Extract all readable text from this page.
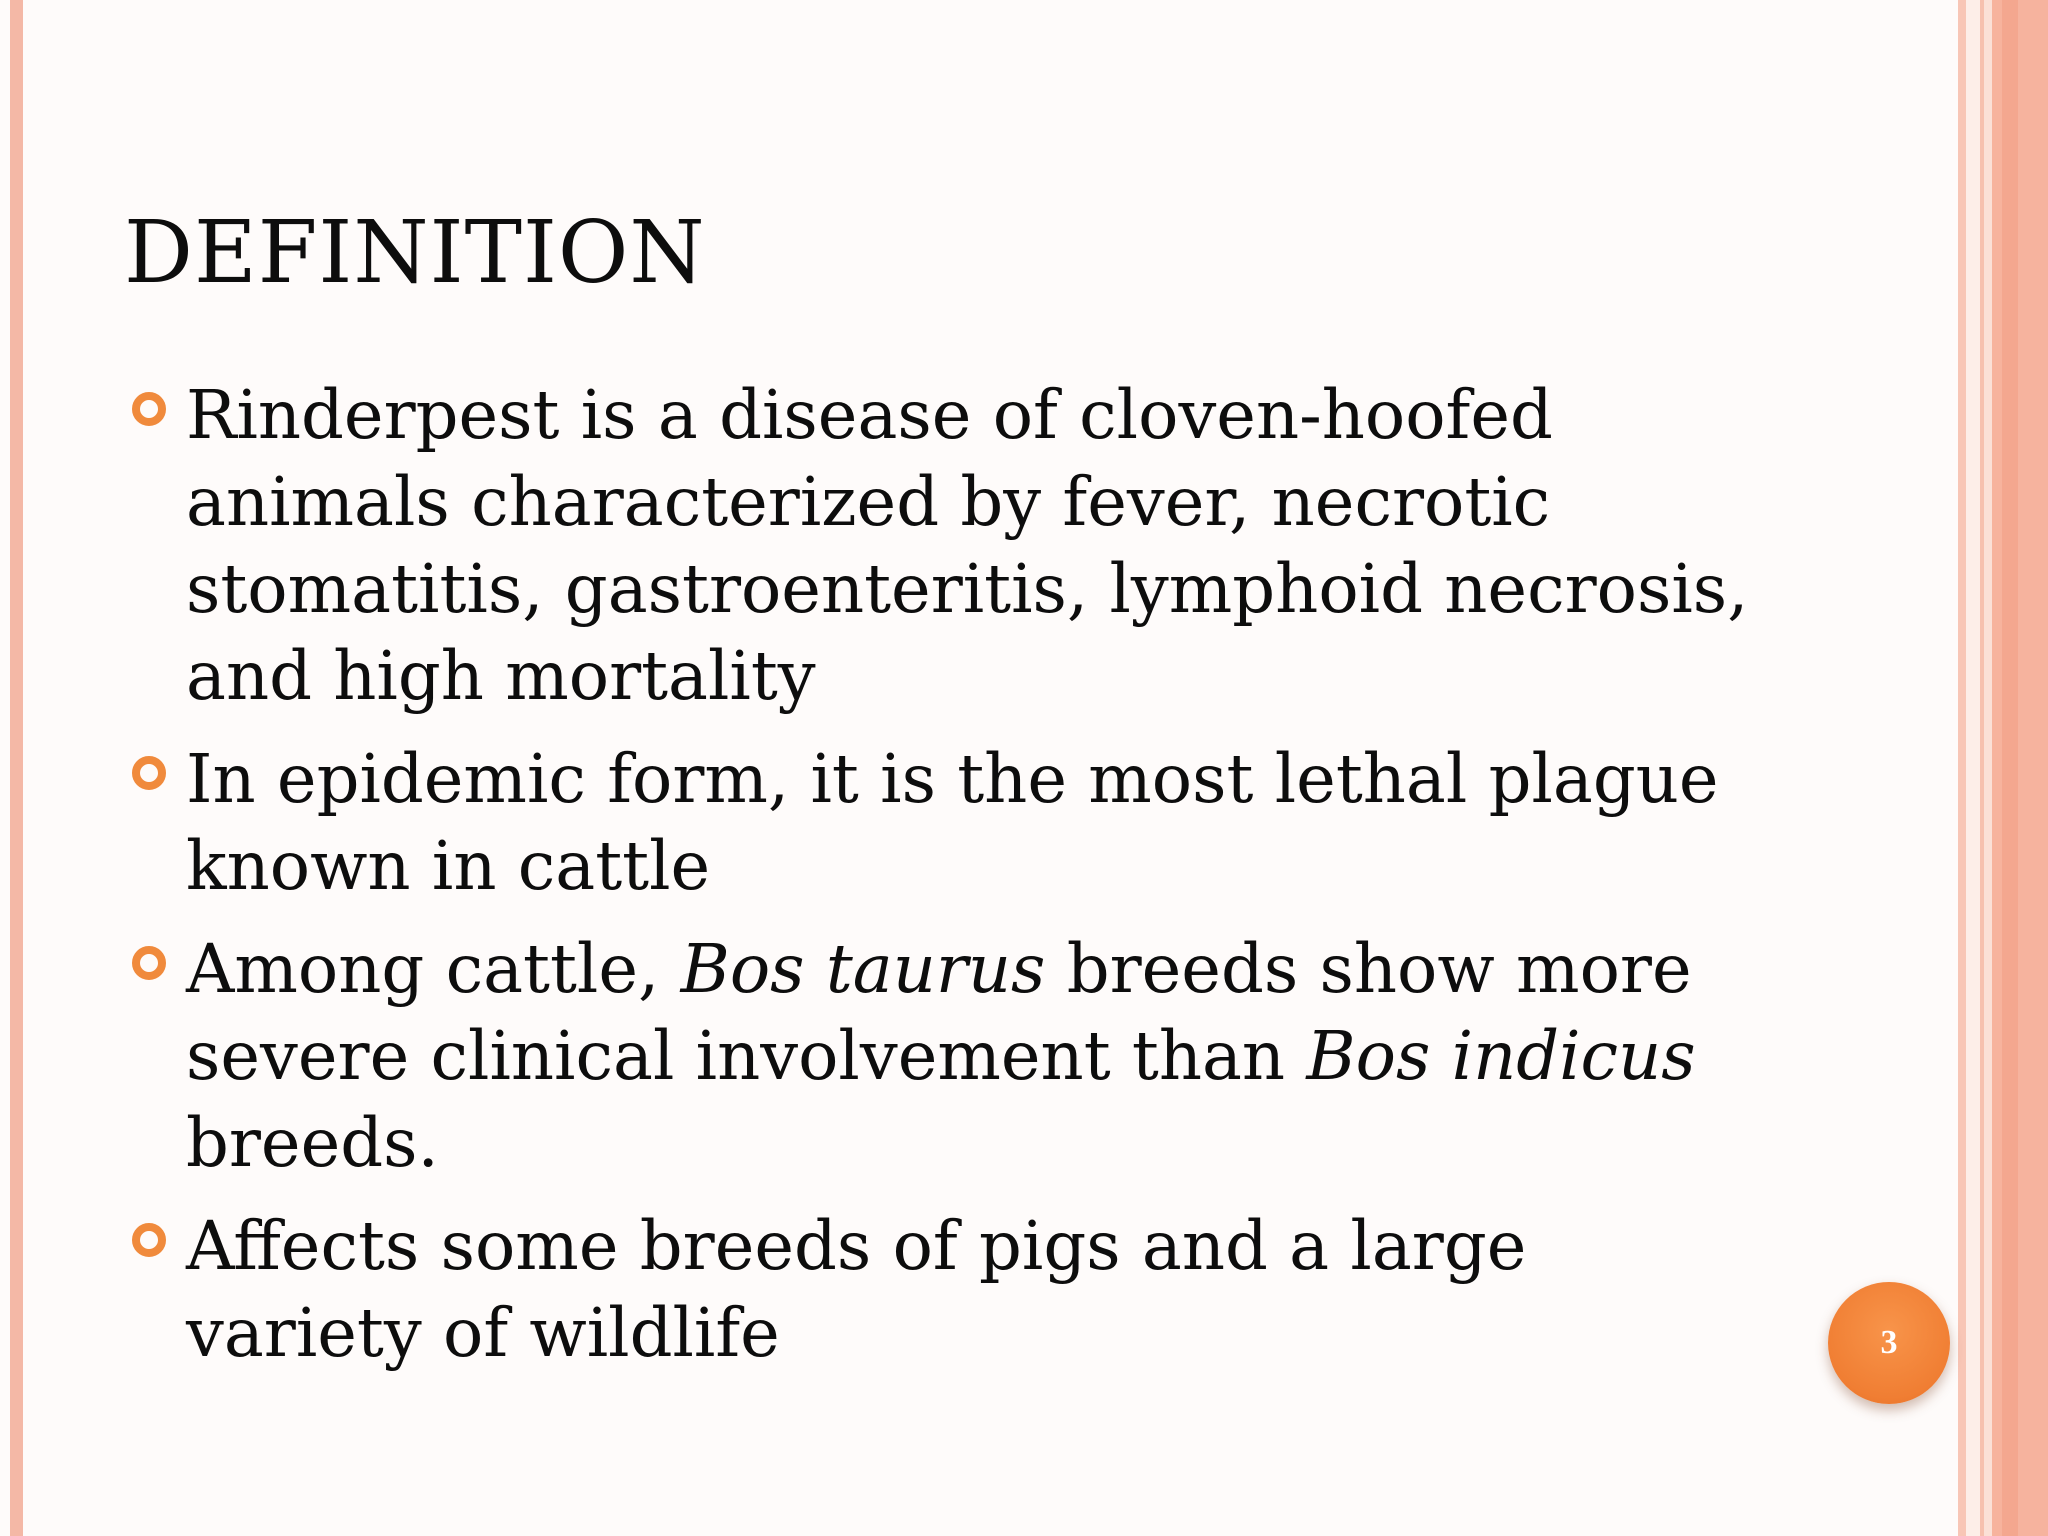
DEFINITION
Rinderpest is a disease of cloven-hoofed animals characterized by fever, necrotic stomatitis, gastroenteritis, lymphoid necrosis, and high mortality
In epidemic form, it is the most lethal plague known in cattle
Among cattle, Bos taurus breeds show more severe clinical involvement than Bos indicus breeds.
Affects some breeds of pigs and a large variety of wildlife	3
